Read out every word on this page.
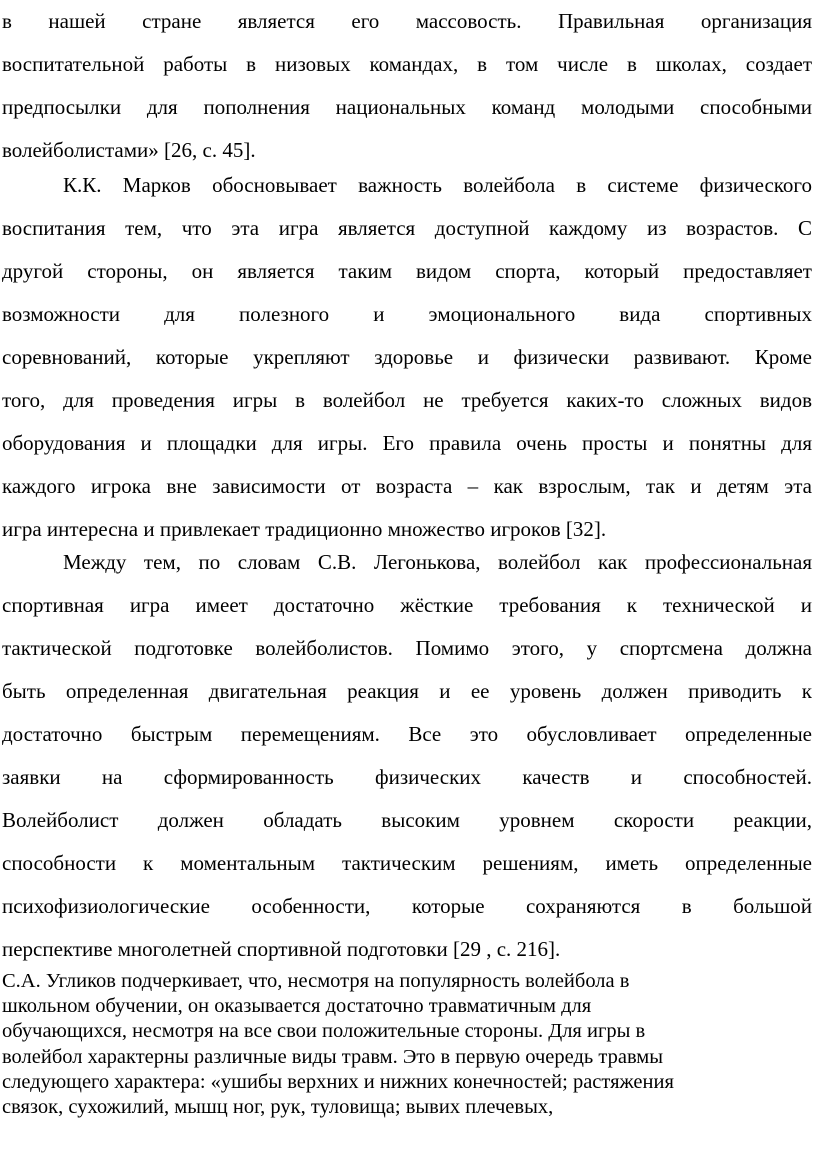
в нашей стране является его массовость. Правильная организация
воспитательной работы в низовых командах, в том числе в школах, создает
предпосылки для пополнения национальных команд молодыми способными
волейболистами» [26, с. 45].
К.К. Марков обосновывает важность волейбола в системе физического
воспитания тем, что эта игра является доступной каждому из возрастов. С
другой стороны, он является таким видом спорта, который предоставляет
возможности для полезного и эмоционального вида спортивных
соревнований, которые укрепляют здоровье и физически развивают. Кроме
того, для проведения игры в волейбол не требуется каких-то сложных видов
оборудования и площадки для игры. Его правила очень просты и понятны для
каждого игрока вне зависимости от возраста – как взрослым, так и детям эта
игра интересна и привлекает традиционно множество игроков [32].
Между тем, по словам С.В. Легонькова, волейбол как профессиональная
спортивная игра имеет достаточно жёсткие требования к технической и
тактической подготовке волейболистов. Помимо этого, у спортсмена должна
быть определенная двигательная реакция и ее уровень должен приводить к
достаточно быстрым перемещениям. Все это обусловливает определенные
заявки на сформированность физических качеств и способностей.
Волейболист должен обладать высоким уровнем скорости реакции,
способности к моментальным тактическим решениям, иметь определенные
психофизиологические особенности, которые сохраняются в большой
перспективе многолетней спортивной подготовки [29 , с. 216].
С.А. Угликов подчеркивает, что, несмотря на популярность волейбола в
школьном обучении, он оказывается достаточно травматичным для
обучающихся, несмотря на все свои положительные стороны. Для игры в
волейбол характерны различные виды травм. Это в первую очередь травмы
следующего характера: «ушибы верхних и нижних конечностей; растяжения
связок, сухожилий, мышц ног, рук, туловища; вывих плечевых,
